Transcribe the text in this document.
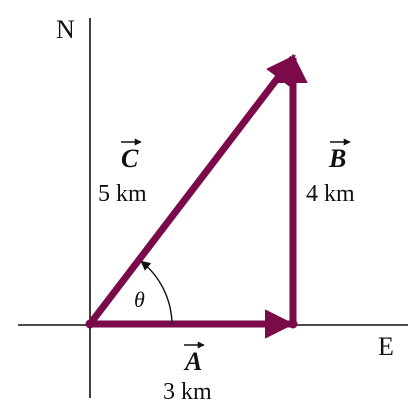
N
E
C
5 km
B
4 km
A
3 km
θ
